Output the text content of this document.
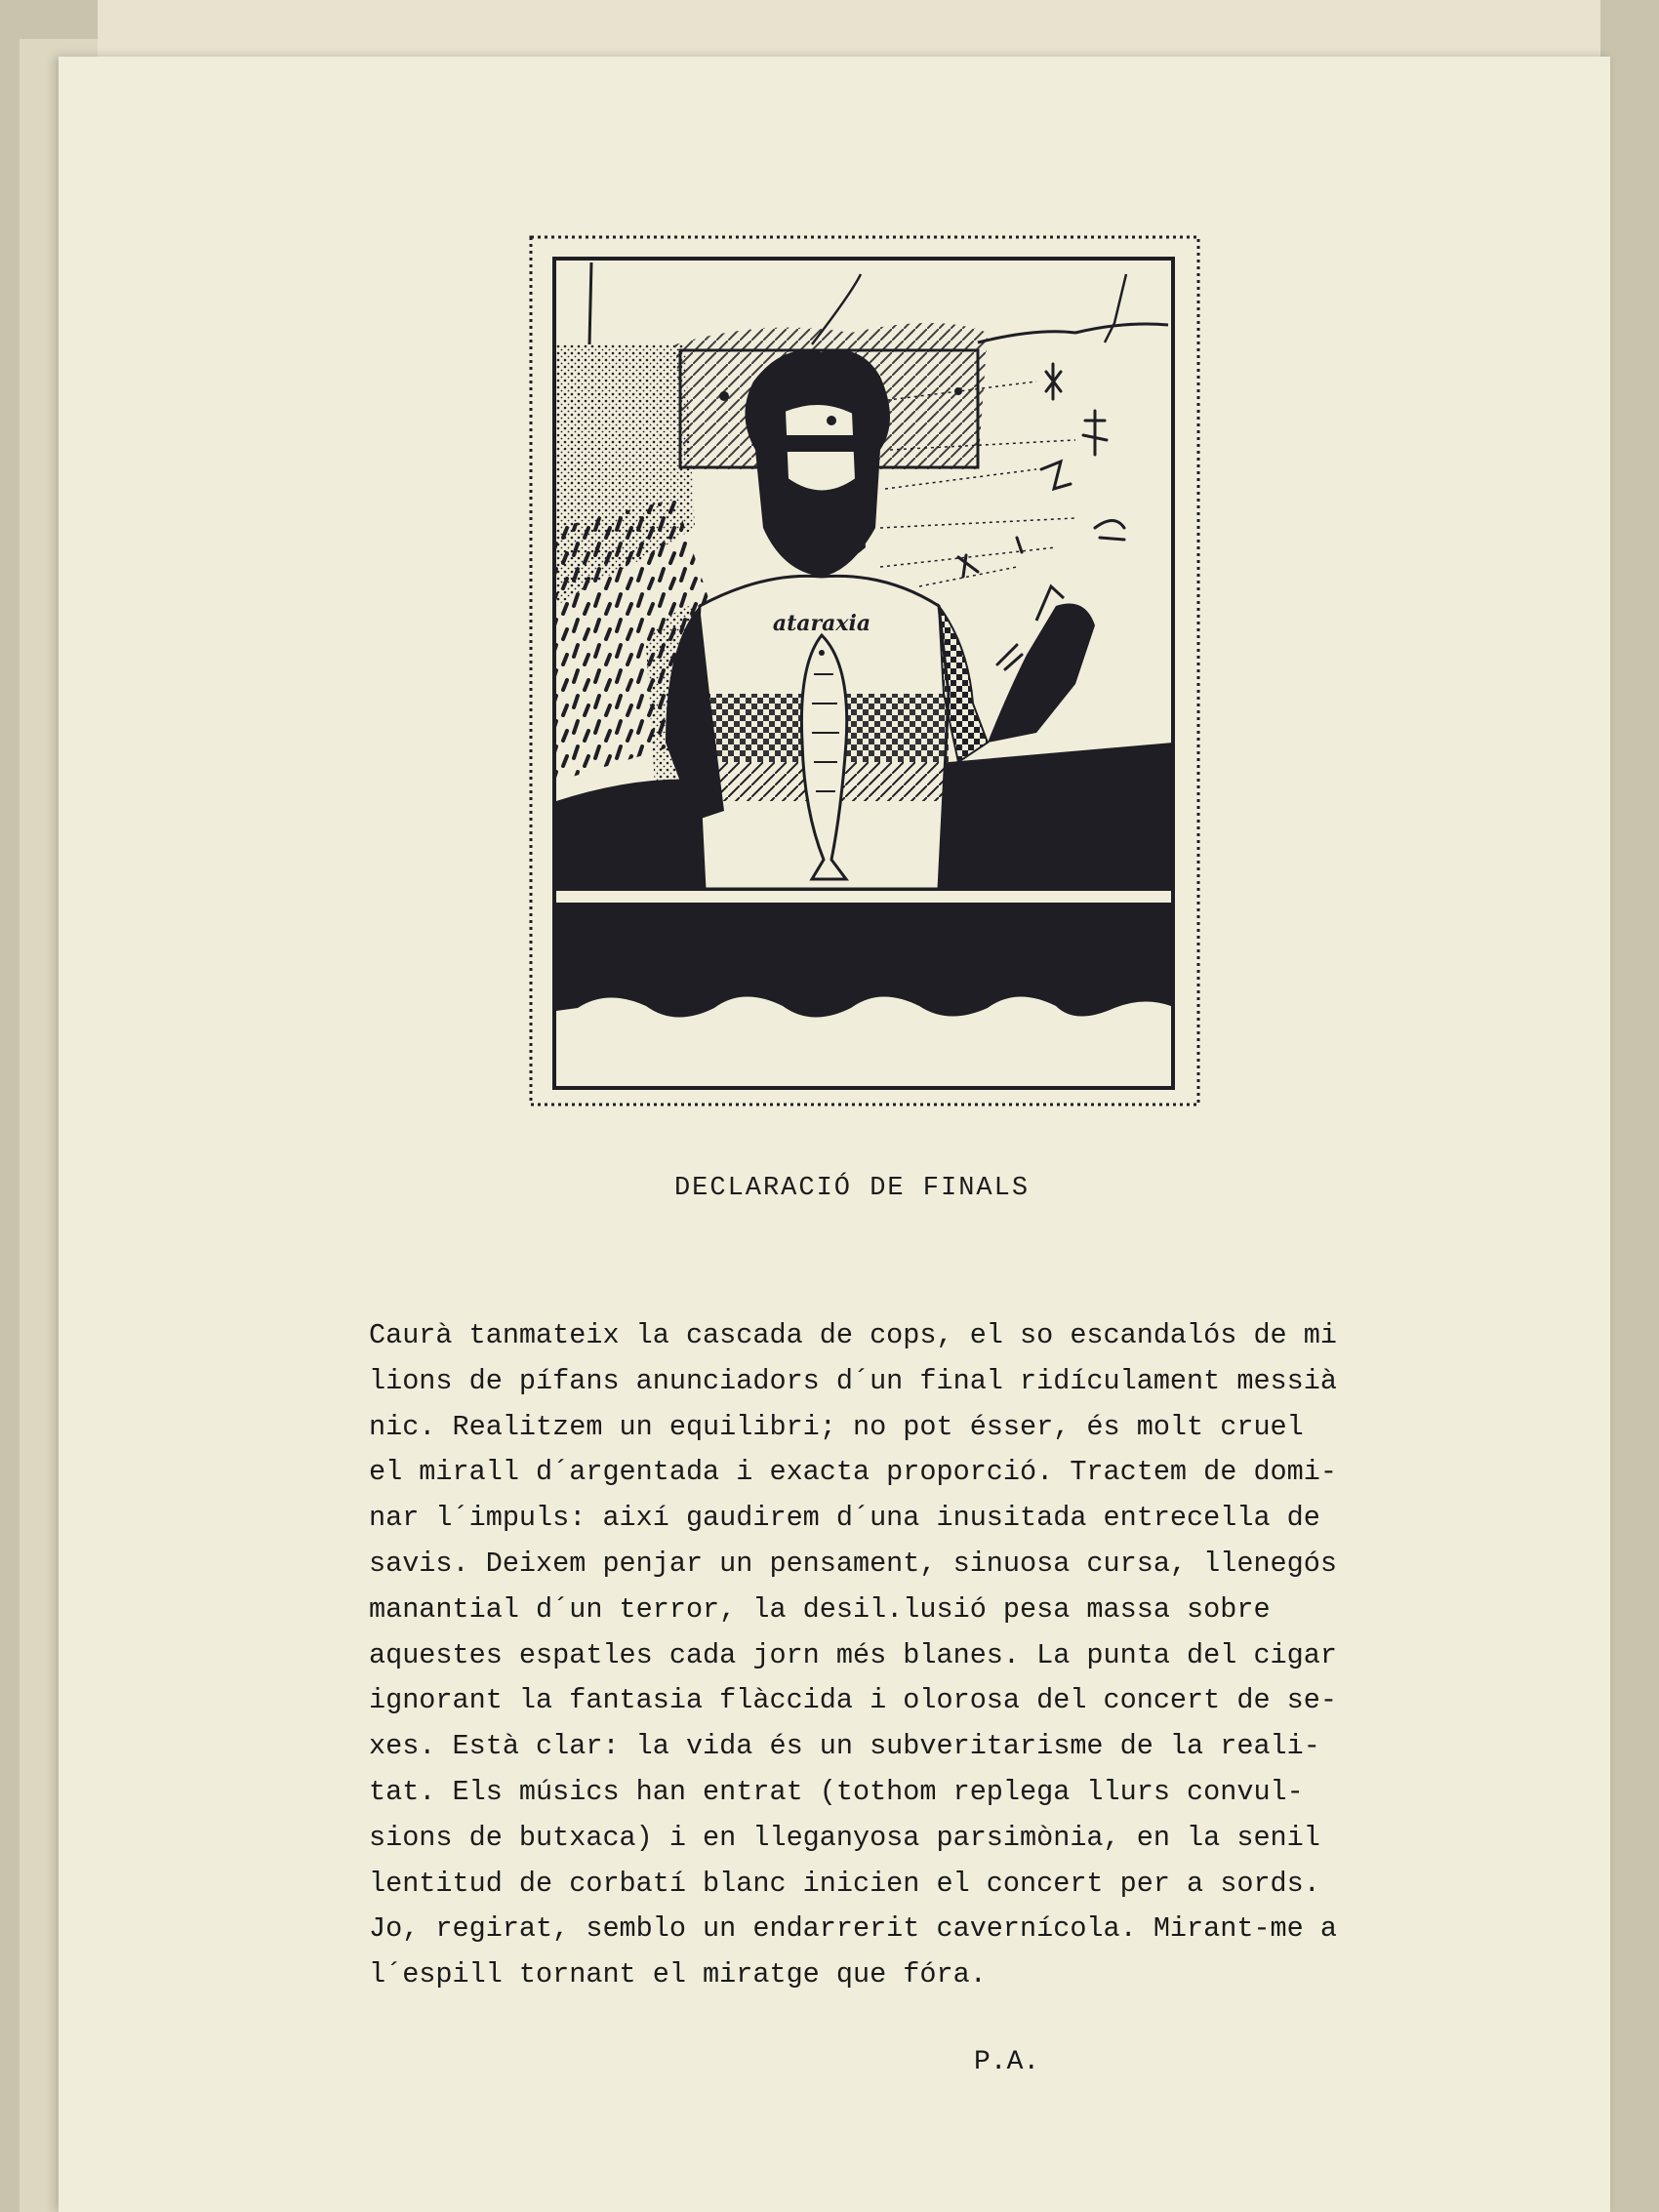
ataraxia
DECLARACIÓ DE FINALS
Caurà tanmateix la cascada de cops, el so escandalós de mi
lions de pífans anunciadors d´un final ridículament messià
nic. Realitzem un equilibri; no pot ésser, és molt cruel
el mirall d´argentada i exacta proporció. Tractem de domi-
nar l´impuls: així gaudirem d´una inusitada entrecella de
savis. Deixem penjar un pensament, sinuosa cursa, llenegós
manantial d´un terror, la desil.lusió pesa massa sobre
aquestes espatles cada jorn més blanes. La punta del cigar
ignorant la fantasia flàccida i olorosa del concert de se-
xes. Està clar: la vida és un subveritarisme de la reali-
tat. Els músics han entrat (tothom replega llurs convul-
sions de butxaca) i en lleganyosa parsimònia, en la senil
lentitud de corbatí blanc inicien el concert per a sords.
Jo, regirat, semblo un endarrerit cavernícola. Mirant-me a
l´espill tornant el miratge que fóra.
P.A.
